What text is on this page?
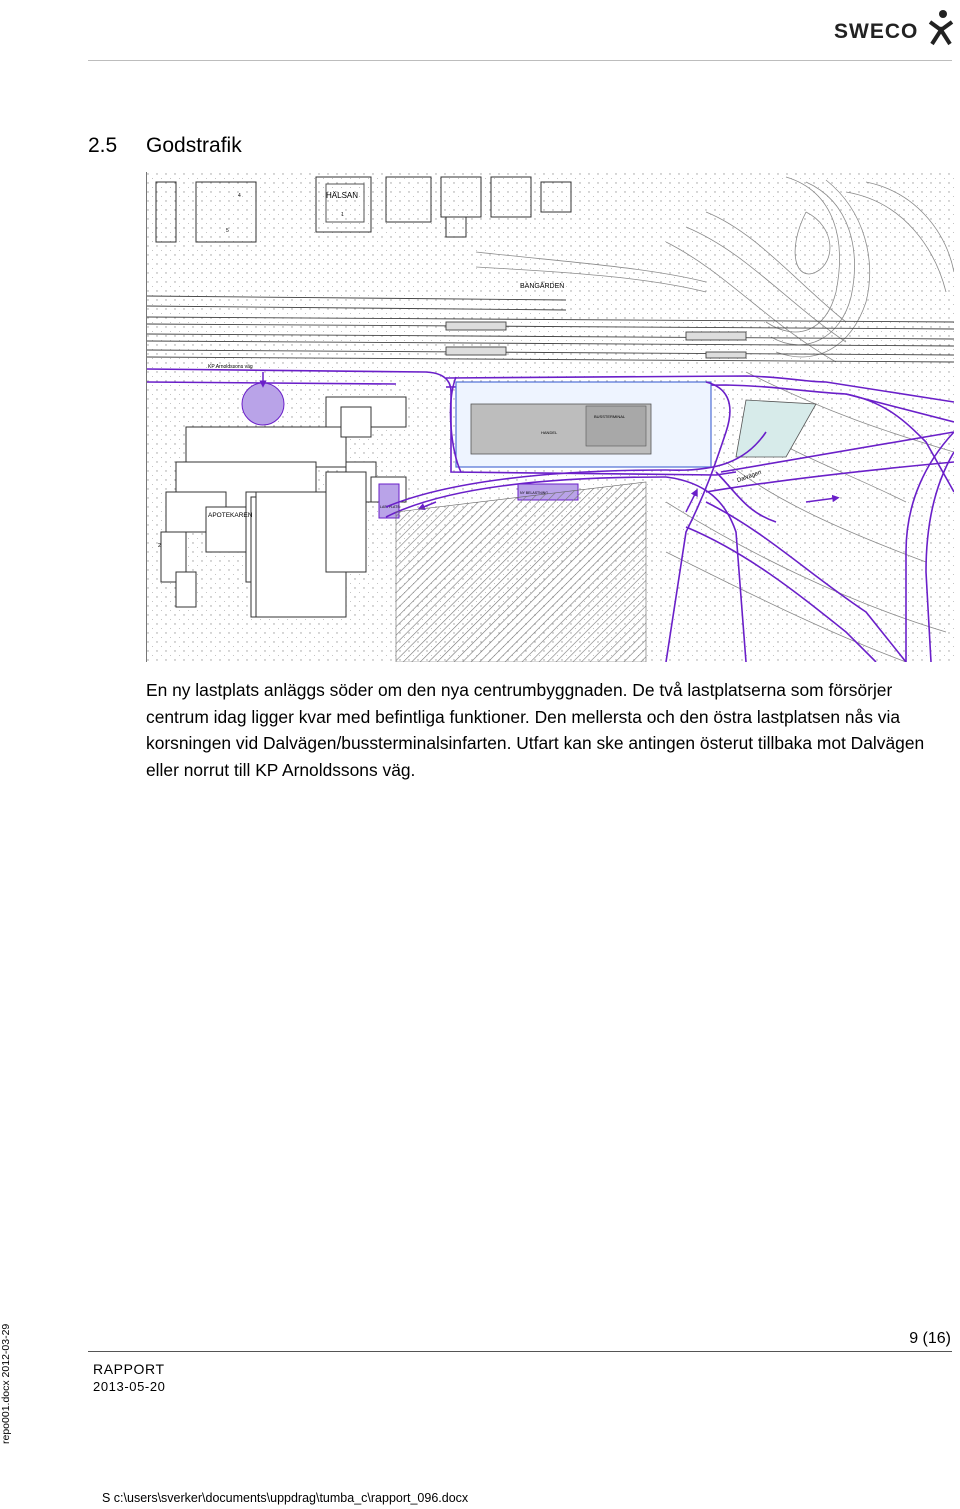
SWECO
2.5 Godstrafik
HÄLSAN
4
5
1
BANGÅRDEN
KP Arnoldssons väg
APOTEKAREN
2
LASTPLATS
BUSSTERMINAL
HANDEL
NY BELASTNING
Dalvägen

En ny lastplats anläggs söder om den nya centrumbyggnaden. De två lastplatserna som försörjer centrum idag ligger kvar med befintliga funktioner. Den mellersta och den östra lastplatsen nås via korsningen vid Dalvägen/bussterminalsinfarten. Utfart kan ske antingen österut tillbaka mot Dalvägen eller norrut till KP Arnoldssons väg.

9 (16)
RAPPORT
2013-05-20
repo001.docx 2012-03-29
S c:\users\sverker\documents\uppdrag\tumba_c\rapport_096.docx
